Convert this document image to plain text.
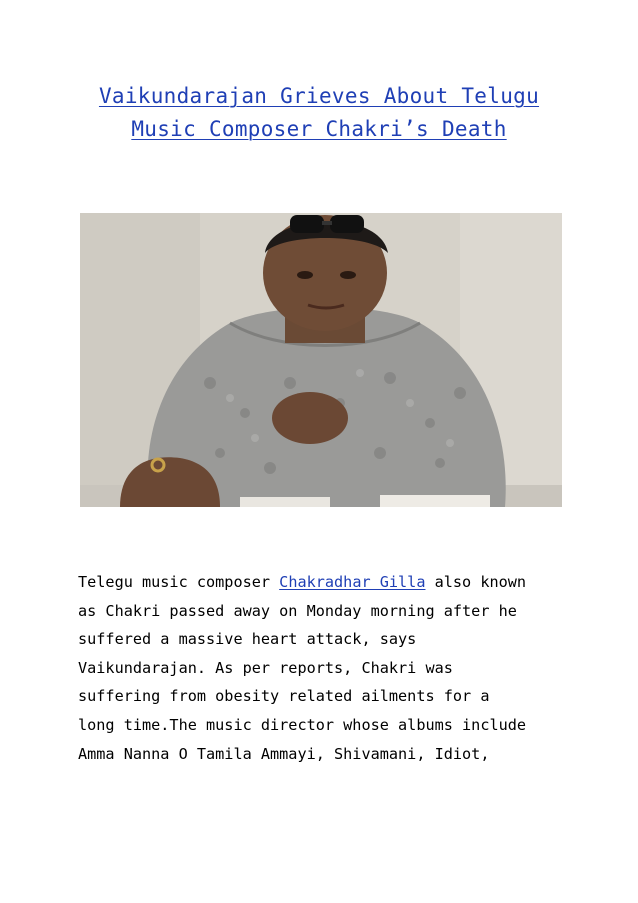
Vaikundarajan Grieves About Telugu
Music Composer Chakri’s Death
Telegu music composer Chakradhar Gilla also known
as Chakri passed away on Monday morning after he
suffered a massive heart attack, says
Vaikundarajan. As per reports, Chakri was
suffering from obesity related ailments for a
long time.The music director whose albums include
Amma Nanna O Tamila Ammayi, Shivamani, Idiot,
